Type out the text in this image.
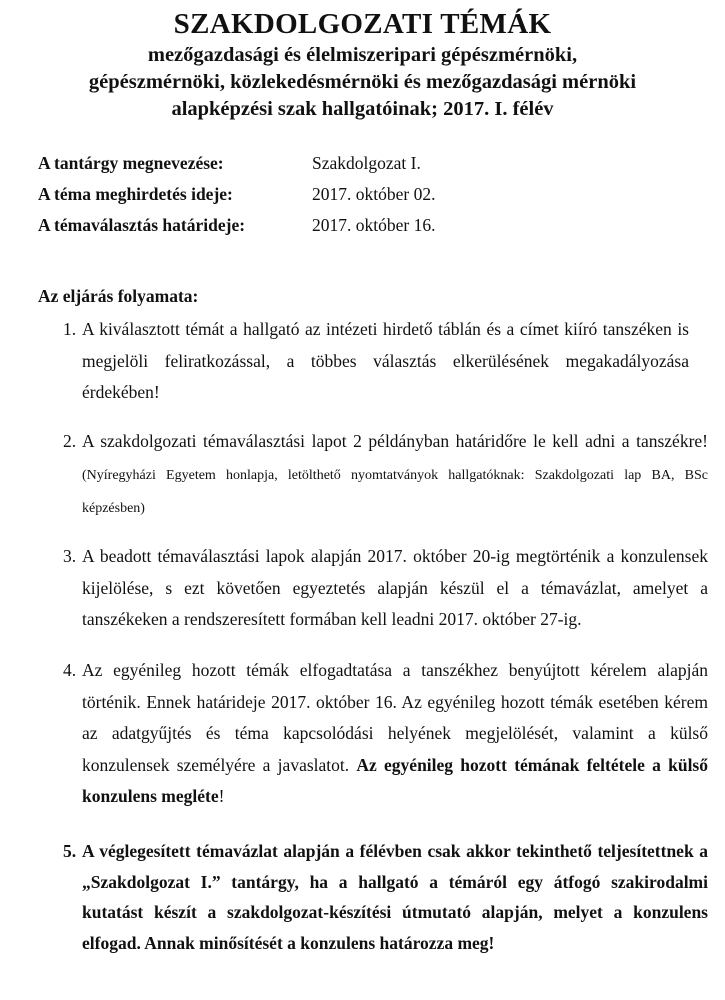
SZAKDOLGOZATI TÉMÁK
mezőgazdasági és élelmiszeripari gépészmérnöki,
gépészmérnöki, közlekedésmérnöki és mezőgazdasági mérnöki
alapképzési szak hallgatóinak; 2017. I. félév
A tantárgy megnevezése:	Szakdolgozat I.
A téma meghirdetés ideje:	2017. október 02.
A témaválasztás határideje:	2017. október 16.
Az eljárás folyamata:
1. A kiválasztott témát a hallgató az intézeti hirdető táblán és a címet kiíró tanszéken is megjelöli feliratkozással, a többes választás elkerülésének megakadályozása érdekében!
2. A szakdolgozati témaválasztási lapot 2 példányban határidőre le kell adni a tanszékre!(Nyíregyházi Egyetem honlapja, letölthető nyomtatványok hallgatóknak: Szakdolgozati lap BA, BSc képzésben)
3. A beadott témaválasztási lapok alapján 2017. október 20-ig megtörténik a konzulensek kijelölése, s ezt követően egyeztetés alapján készül el a témavázlat, amelyet a tanszékeken a rendszeresített formában kell leadni 2017. október 27-ig.
4. Az egyénileg hozott témák elfogadtatása a tanszékhez benyújtott kérelem alapján történik. Ennek határideje 2017. október 16. Az egyénileg hozott témák esetében kérem az adatgyűjtés és téma kapcsolódási helyének megjelölését, valamint a külső konzulensek személyére a javaslatot. Az egyénileg hozott témának feltétele a külső konzulens megléte!
5. A véglegesített témavázlat alapján a félévben csak akkor tekinthető teljesítettnek a „Szakdolgozat I.” tantárgy, ha a hallgató a témáról egy átfogó szakirodalmi kutatást készít a szakdolgozat-készítési útmutató alapján, melyet a konzulens elfogad. Annak minősítését a konzulens határozza meg!
